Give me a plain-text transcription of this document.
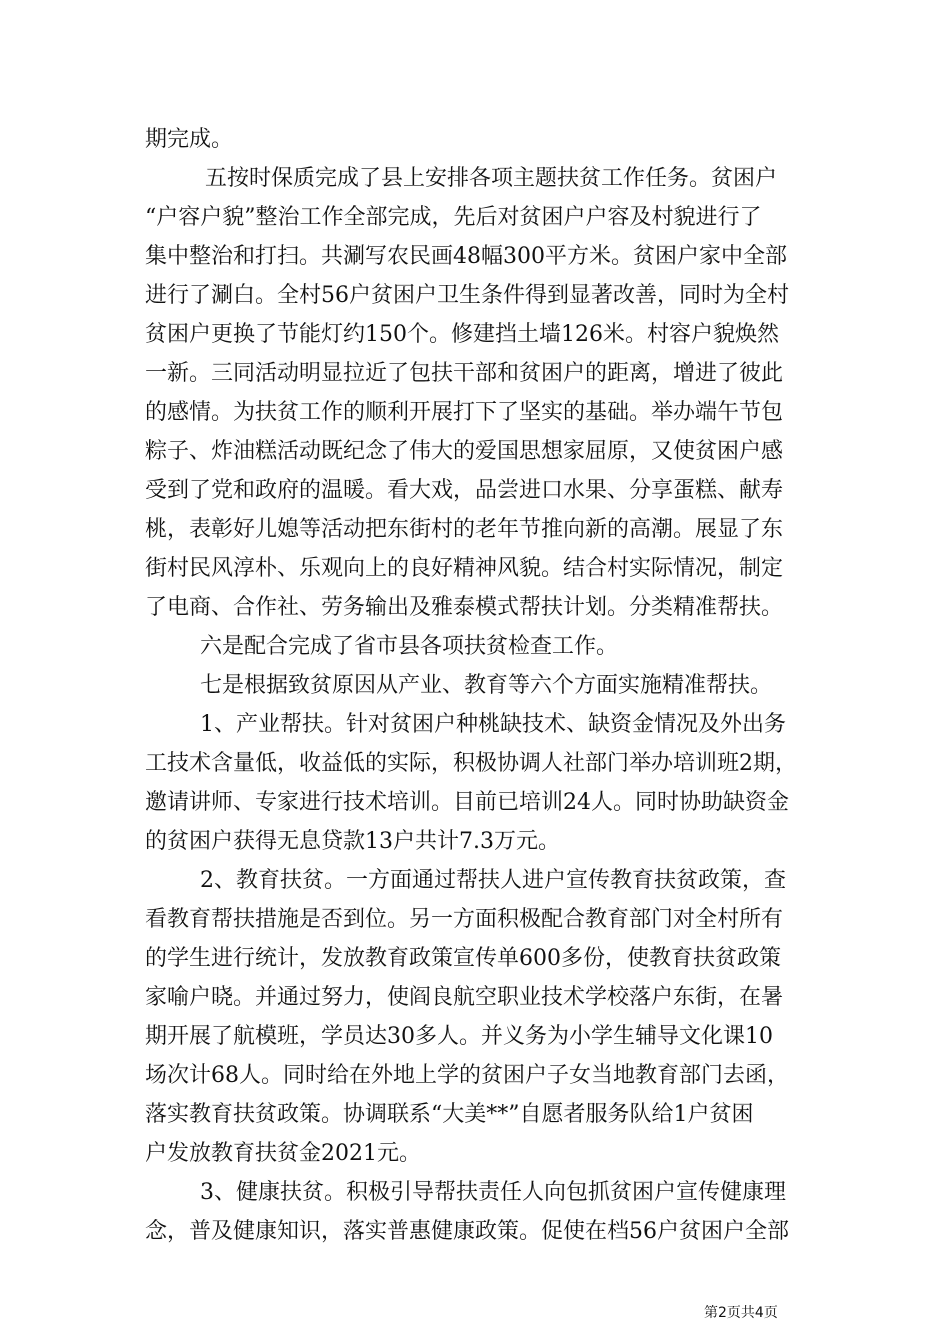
期完成。
五按时保质完成了县上安排各项主题扶贫工作任务。贫困户
“户容户貌”整治工作全部完成，先后对贫困户户容及村貌进行了
集中整治和打扫。共涮写农民画48幅300平方米。贫困户家中全部
进行了涮白。全村56户贫困户卫生条件得到显著改善，同时为全村
贫困户更换了节能灯约150个。修建挡土墙126米。村容户貌焕然
一新。三同活动明显拉近了包扶干部和贫困户的距离，增进了彼此
的感情。为扶贫工作的顺利开展打下了坚实的基础。举办端午节包
粽子、炸油糕活动既纪念了伟大的爱国思想家屈原，又使贫困户感
受到了党和政府的温暖。看大戏，品尝进口水果、分享蛋糕、献寿
桃，表彰好儿媳等活动把东街村的老年节推向新的高潮。展显了东
街村民风淳朴、乐观向上的良好精神风貌。结合村实际情况，制定
了电商、合作社、劳务输出及雅泰模式帮扶计划。分类精准帮扶。
六是配合完成了省市县各项扶贫检查工作。
七是根据致贫原因从产业、教育等六个方面实施精准帮扶。
1、产业帮扶。针对贫困户种桃缺技术、缺资金情况及外出务
工技术含量低，收益低的实际，积极协调人社部门举办培训班2期，
邀请讲师、专家进行技术培训。目前已培训24人。同时协助缺资金
的贫困户获得无息贷款13户共计7.3万元。
2、教育扶贫。一方面通过帮扶人进户宣传教育扶贫政策，查
看教育帮扶措施是否到位。另一方面积极配合教育部门对全村所有
的学生进行统计，发放教育政策宣传单600多份，使教育扶贫政策
家喻户晓。并通过努力，使阎良航空职业技术学校落户东街，在暑
期开展了航模班，学员达30多人。并义务为小学生辅导文化课10
场次计68人。同时给在外地上学的贫困户子女当地教育部门去函，
落实教育扶贫政策。协调联系“大美**”自愿者服务队给1户贫困
户发放教育扶贫金2021元。
3、健康扶贫。积极引导帮扶责任人向包抓贫困户宣传健康理
念，普及健康知识，落实普惠健康政策。促使在档56户贫困户全部
第2页共4页
